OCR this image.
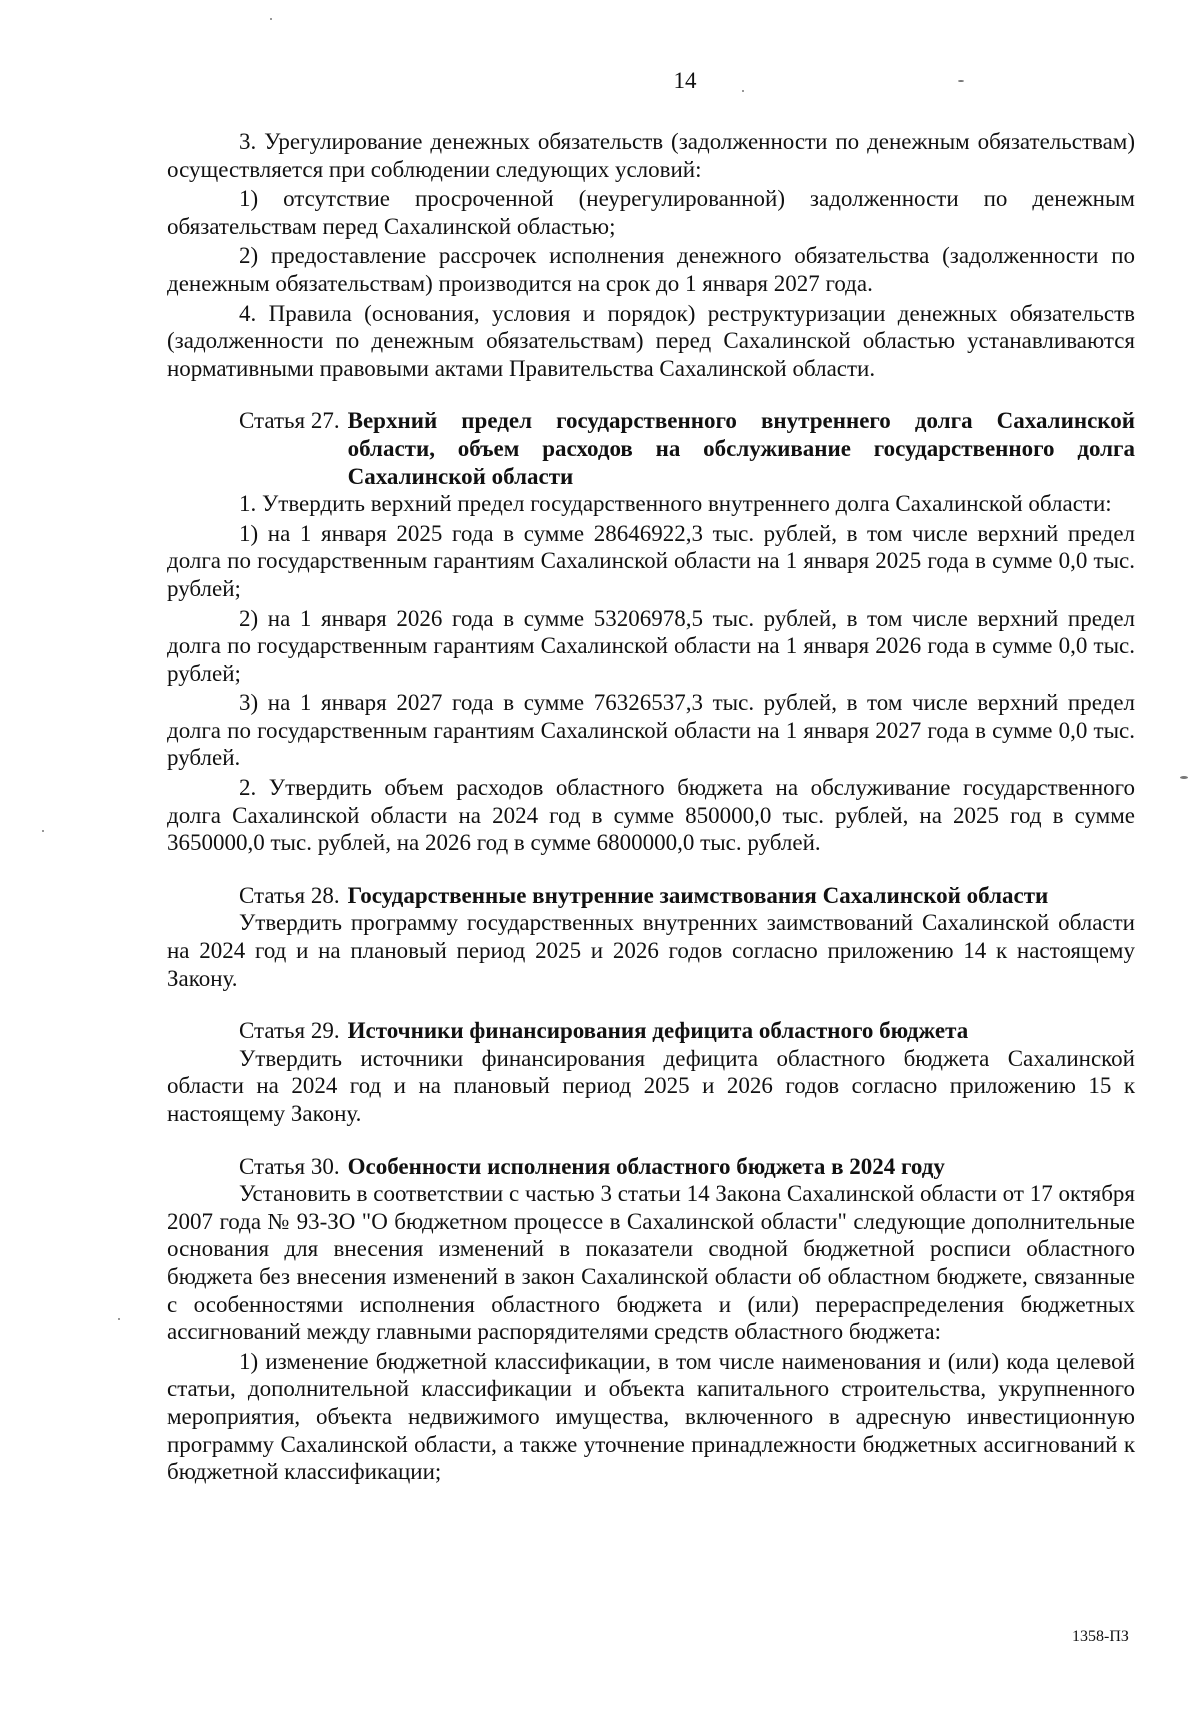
14

3. Урегулирование денежных обязательств (задолженности по денежным обязательствам) осуществляется при соблюдении следующих условий:

1) отсутствие просроченной (неурегулированной) задолженности по денежным обязательствам перед Сахалинской областью;

2) предоставление рассрочек исполнения денежного обязательства (задолженности по денежным обязательствам) производится на срок до 1 января 2027 года.

4. Правила (основания, условия и порядок) реструктуризации денежных обязательств (задолженности по денежным обязательствам) перед Сахалинской областью устанавливаются нормативными правовыми актами Правительства Сахалинской области.

Статья 27. Верхний предел государственного внутреннего долга Сахалинской области, объем расходов на обслуживание государственного долга Сахалинской области

1. Утвердить верхний предел государственного внутреннего долга Сахалинской области:

1) на 1 января 2025 года в сумме 28646922,3 тыс. рублей, в том числе верхний предел долга по государственным гарантиям Сахалинской области на 1 января 2025 года в сумме 0,0 тыс. рублей;

2) на 1 января 2026 года в сумме 53206978,5 тыс. рублей, в том числе верхний предел долга по государственным гарантиям Сахалинской области на 1 января 2026 года в сумме 0,0 тыс. рублей;

3) на 1 января 2027 года в сумме 76326537,3 тыс. рублей, в том числе верхний предел долга по государственным гарантиям Сахалинской области на 1 января 2027 года в сумме 0,0 тыс. рублей.

2. Утвердить объем расходов областного бюджета на обслуживание государственного долга Сахалинской области на 2024 год в сумме 850000,0 тыс. рублей, на 2025 год в сумме 3650000,0 тыс. рублей, на 2026 год в сумме 6800000,0 тыс. рублей.

Статья 28. Государственные внутренние заимствования Сахалинской области

Утвердить программу государственных внутренних заимствований Сахалинской области на 2024 год и на плановый период 2025 и 2026 годов согласно приложению 14 к настоящему Закону.

Статья 29. Источники финансирования дефицита областного бюджета

Утвердить источники финансирования дефицита областного бюджета Сахалинской области на 2024 год и на плановый период 2025 и 2026 годов согласно приложению 15 к настоящему Закону.

Статья 30. Особенности исполнения областного бюджета в 2024 году

Установить в соответствии с частью 3 статьи 14 Закона Сахалинской области от 17 октября 2007 года № 93-ЗО "О бюджетном процессе в Сахалинской области" следующие дополнительные основания для внесения изменений в показатели сводной бюджетной росписи областного бюджета без внесения изменений в закон Сахалинской области об областном бюджете, связанные с особенностями исполнения областного бюджета и (или) перераспределения бюджетных ассигнований между главными распорядителями средств областного бюджета:

1) изменение бюджетной классификации, в том числе наименования и (или) кода целевой статьи, дополнительной классификации и объекта капитального строительства, укрупненного мероприятия, объекта недвижимого имущества, включенного в адресную инвестиционную программу Сахалинской области, а также уточнение принадлежности бюджетных ассигнований к бюджетной классификации;

1358-ПЗ
